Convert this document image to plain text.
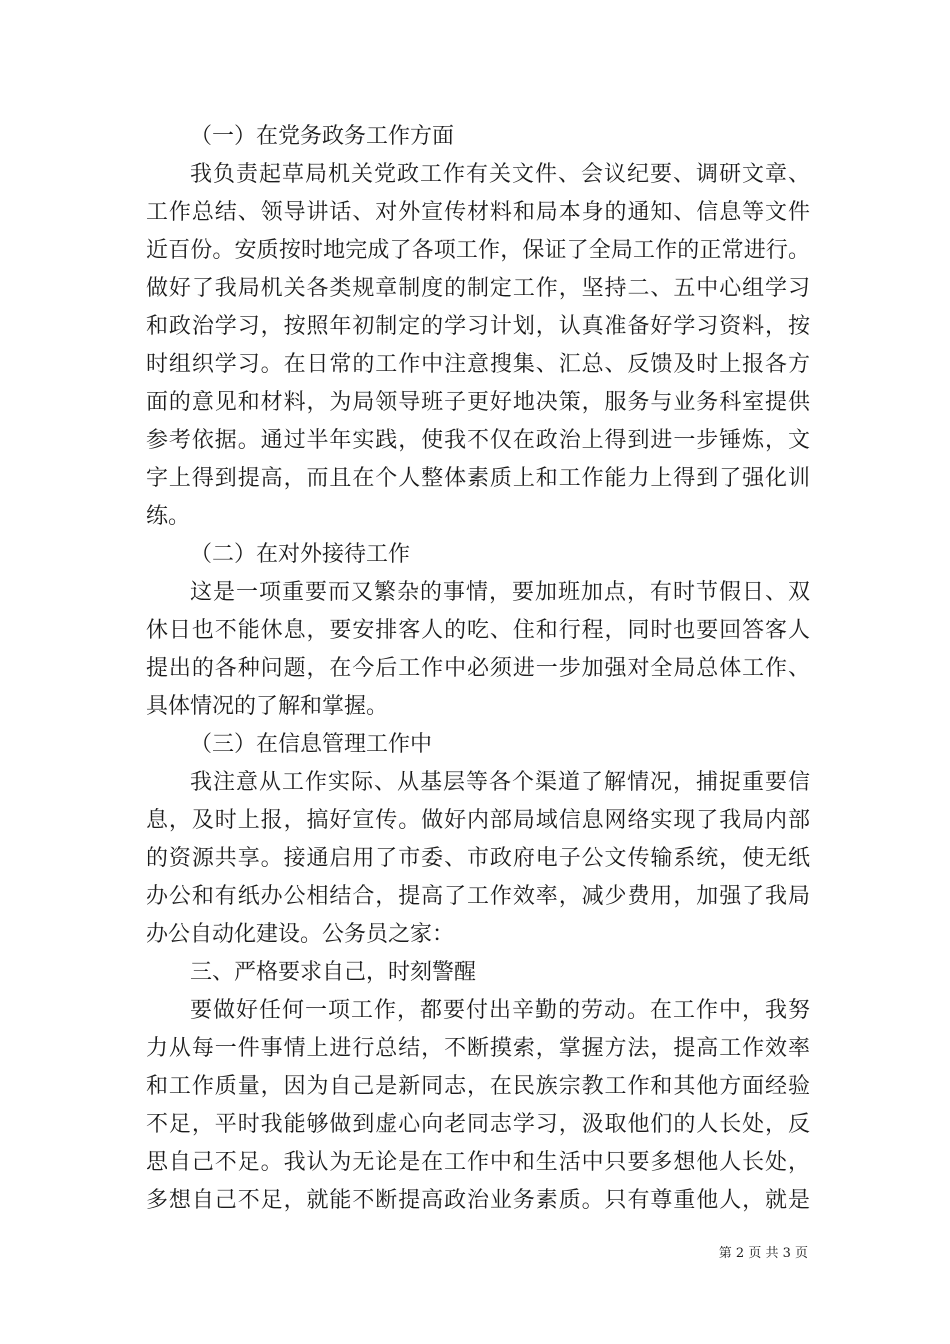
（一）在党务政务工作方面
我负责起草局机关党政工作有关文件、会议纪要、调研文章、
工作总结、领导讲话、对外宣传材料和局本身的通知、信息等文件
近百份。安质按时地完成了各项工作，保证了全局工作的正常进行。
做好了我局机关各类规章制度的制定工作，坚持二、五中心组学习
和政治学习，按照年初制定的学习计划，认真准备好学习资料，按
时组织学习。在日常的工作中注意搜集、汇总、反馈及时上报各方
面的意见和材料，为局领导班子更好地决策，服务与业务科室提供
参考依据。通过半年实践，使我不仅在政治上得到进一步锤炼，文
字上得到提高，而且在个人整体素质上和工作能力上得到了强化训
练。
（二）在对外接待工作
这是一项重要而又繁杂的事情，要加班加点，有时节假日、双
休日也不能休息，要安排客人的吃、住和行程，同时也要回答客人
提出的各种问题，在今后工作中必须进一步加强对全局总体工作、
具体情况的了解和掌握。
（三）在信息管理工作中
我注意从工作实际、从基层等各个渠道了解情况，捕捉重要信
息，及时上报，搞好宣传。做好内部局域信息网络实现了我局内部
的资源共享。接通启用了市委、市政府电子公文传输系统，使无纸
办公和有纸办公相结合，提高了工作效率，减少费用，加强了我局
办公自动化建设。公务员之家：
三、严格要求自己，时刻警醒
要做好任何一项工作，都要付出辛勤的劳动。在工作中，我努
力从每一件事情上进行总结，不断摸索，掌握方法，提高工作效率
和工作质量，因为自己是新同志，在民族宗教工作和其他方面经验
不足，平时我能够做到虚心向老同志学习，汲取他们的人长处，反
思自己不足。我认为无论是在工作中和生活中只要多想他人长处，
多想自己不足，就能不断提高政治业务素质。只有尊重他人，就是
第 2 页 共 3 页
